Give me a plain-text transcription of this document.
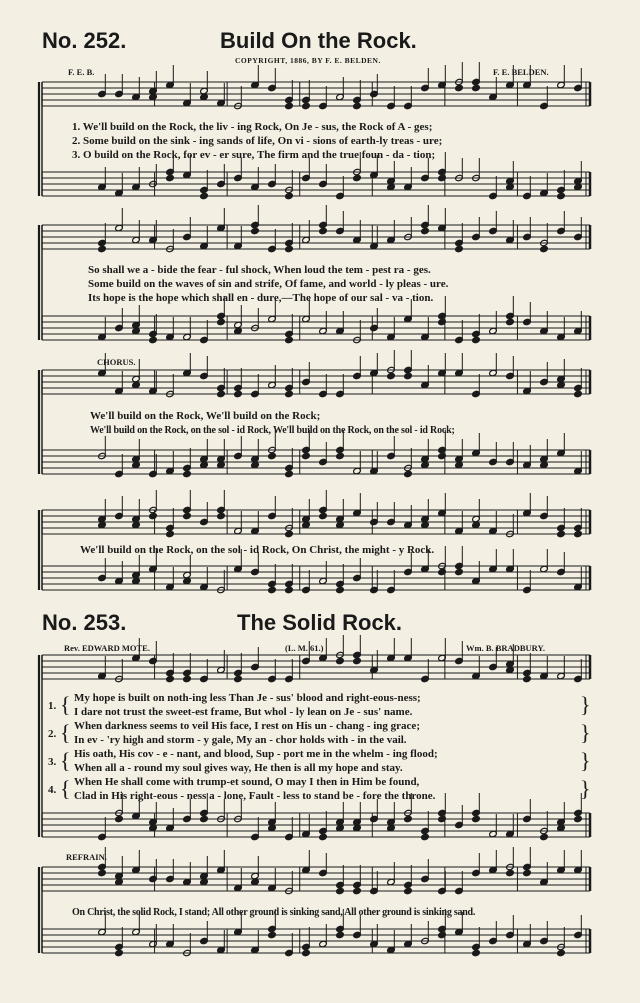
No. 252.	Build On the Rock.
COPYRIGHT, 1886, BY F. E. BELDEN.
F. E. B.	F. E. BELDEN.
1. We'll build on the Rock, the liv - ing Rock, On Je - sus, the Rock of A - ges;
2. Some build on the sink - ing sands of life, On vi - sions of earth-ly treas - ure;
3. O build on the Rock, for ev - er sure, The firm and the true foun - da - tion;
So shall we a - bide the fear - ful shock, When loud the tem - pest ra - ges.
Some build on the waves of sin and strife, Of fame, and world - ly pleas - ure.
Its hope is the hope which shall en - dure,—The hope of our sal - va - tion.
CHORUS.
We'll build on the Rock, We'll build on the Rock;
We'll build on the Rock, on the sol - id Rock, We'll build on the Rock, on the sol - id Rock;
We'll build on the Rock, on the sol - id Rock, On Christ, the might - y Rock.
No. 253.	The Solid Rock.
Rev. EDWARD MOTE.	(L. M. 61.)	Wm. B. BRADBURY.
1. { My hope is built on noth-ing less Than Je - sus' blood and right-eous-ness;
I dare not trust the sweet-est frame, But whol - ly lean on Je - sus' name.	}
2. { When darkness seems to veil His face, I rest on His un - chang - ing grace;
In ev - 'ry high and storm - y gale, My an - chor holds with - in the vail.	}
3. { His oath, His cov - e - nant, and blood, Sup - port me in the whelm - ing flood;
When all a - round my soul gives way, He then is all my hope and stay.	}
4. { When He shall come with trump-et sound, O may I then in Him be found,
Clad in His right-eous - ness a - lone, Fault - less to stand be - fore the throne.	}
REFRAIN.
On Christ, the solid Rock, I stand; All other ground is sinking sand, All other ground is sinking sand.
